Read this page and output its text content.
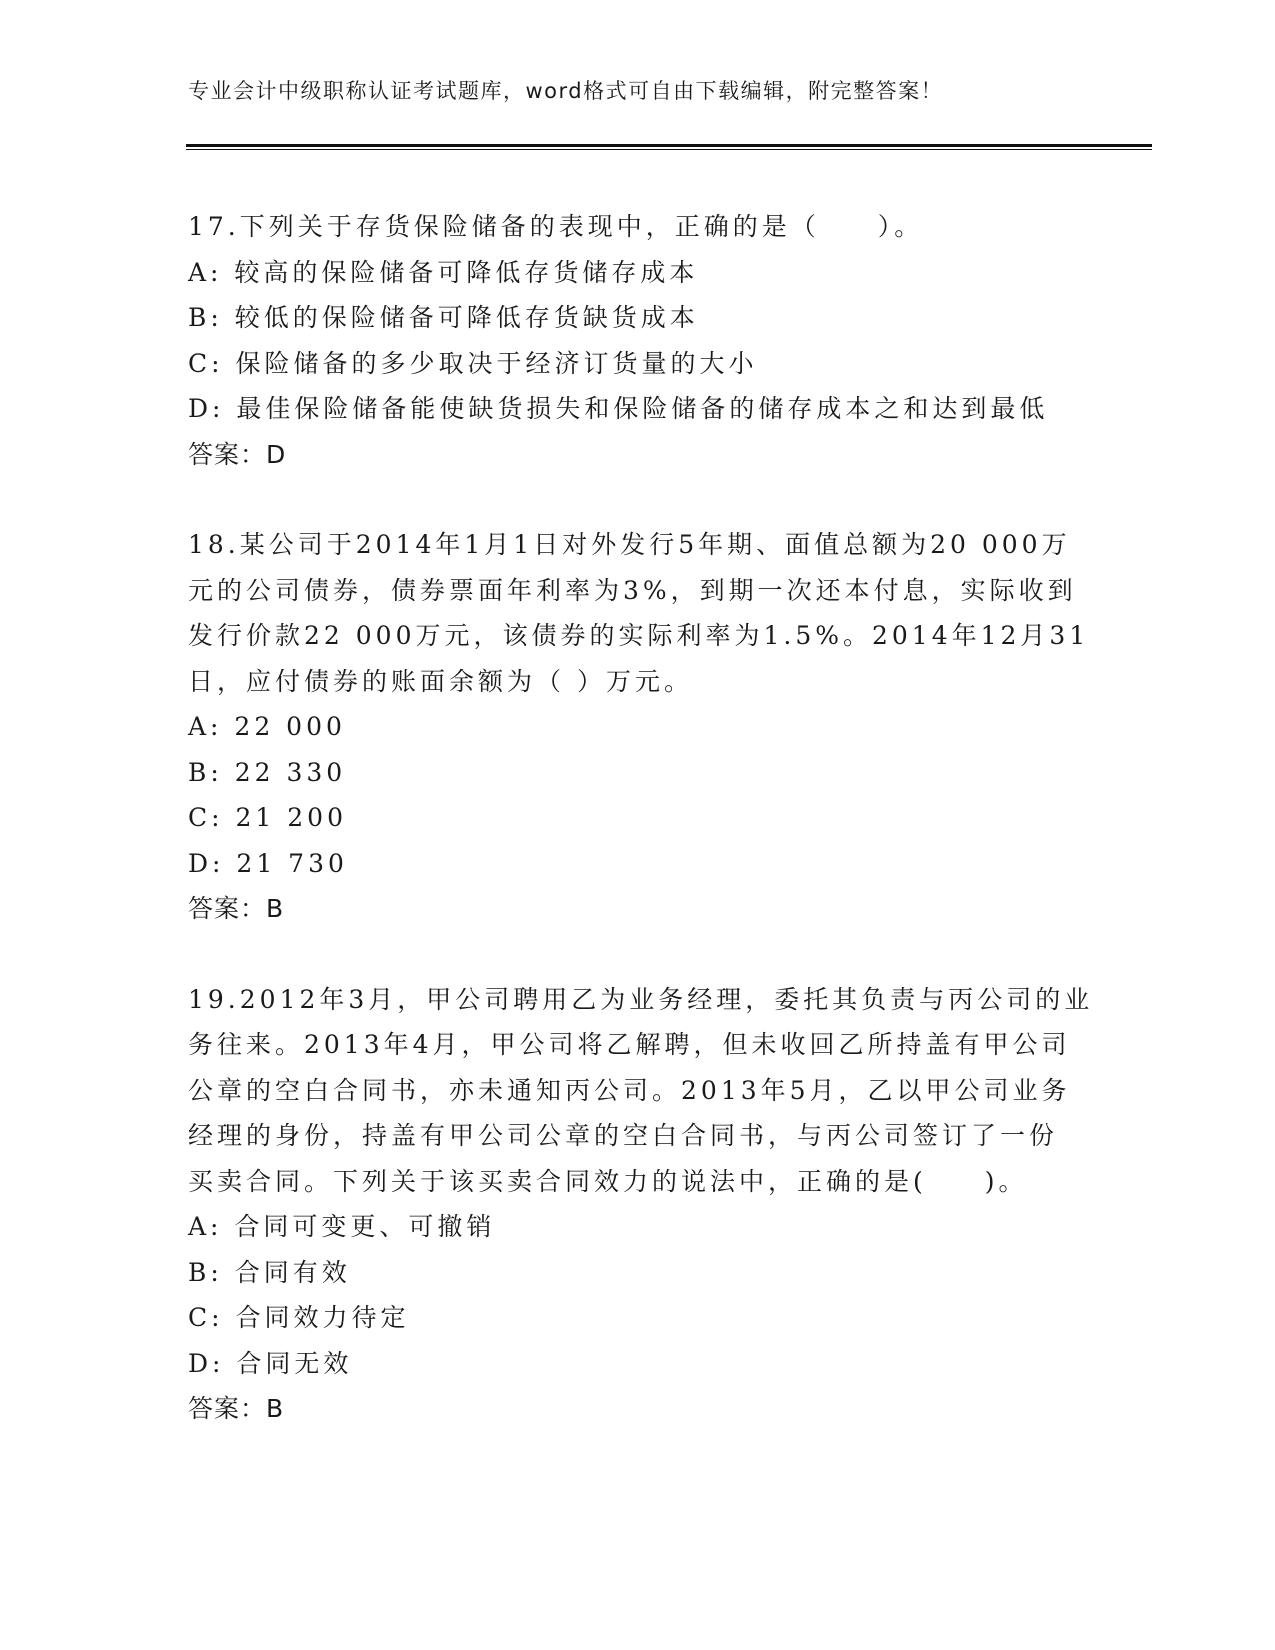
专业会计中级职称认证考试题库，word格式可自由下载编辑，附完整答案！

17.下列关于存货保险储备的表现中，正确的是（　　）。

A: 较高的保险储备可降低存货储存成本

B: 较低的保险储备可降低存货缺货成本

C: 保险储备的多少取决于经济订货量的大小

D: 最佳保险储备能使缺货损失和保险储备的储存成本之和达到最低

答案：D

18.某公司于2014年1月1日对外发行5年期、面值总额为20 000万

元的公司债券，债券票面年利率为3%，到期一次还本付息，实际收到

发行价款22 000万元，该债券的实际利率为1.5%。2014年12月31

日，应付债券的账面余额为（ ）万元。

A: 22 000

B: 22 330

C: 21 200

D: 21 730

答案：B

19.2012年3月，甲公司聘用乙为业务经理，委托其负责与丙公司的业

务往来。2013年4月，甲公司将乙解聘，但未收回乙所持盖有甲公司

公章的空白合同书，亦未通知丙公司。2013年5月，乙以甲公司业务

经理的身份，持盖有甲公司公章的空白合同书，与丙公司签订了一份

买卖合同。下列关于该买卖合同效力的说法中，正确的是(　　)。

A: 合同可变更、可撤销

B: 合同有效

C: 合同效力待定

D: 合同无效

答案：B
